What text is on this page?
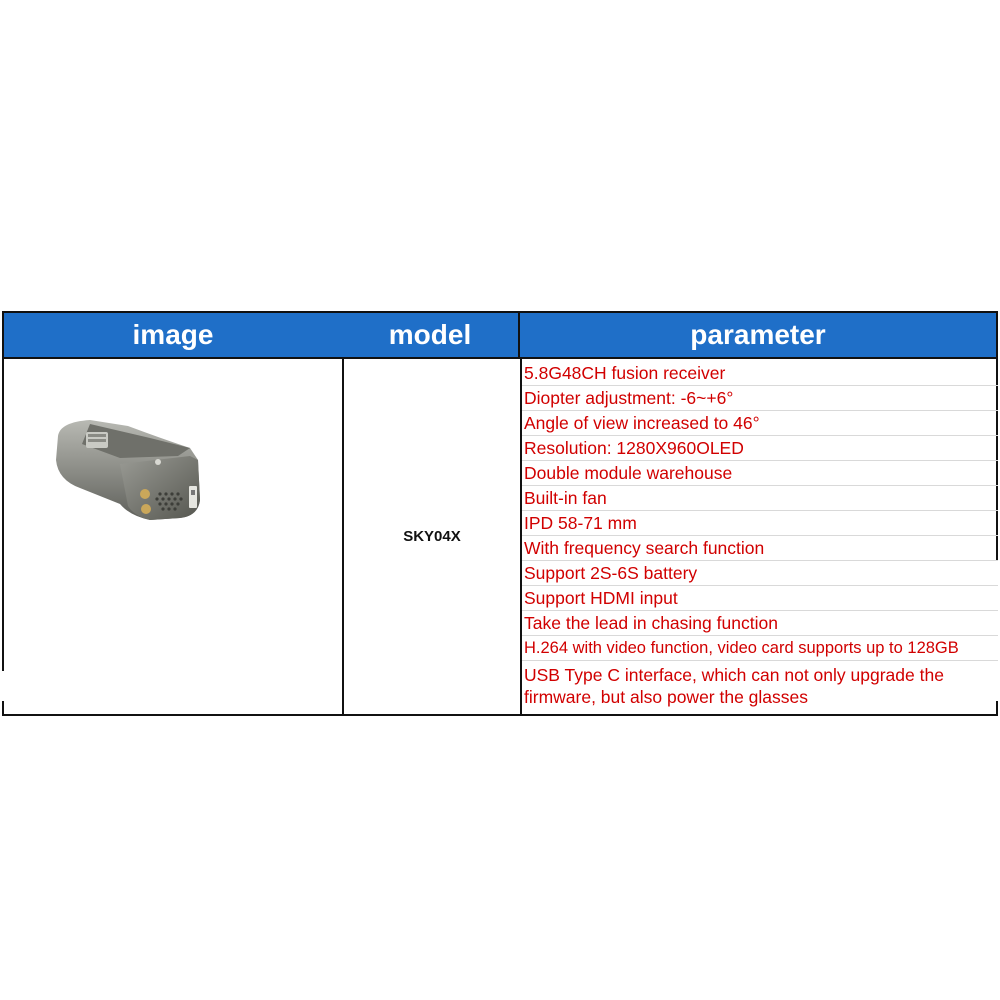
image	model	parameter
SKY04X
5.8G48CH fusion receiver
Diopter adjustment: -6~+6°
Angle of view increased to 46°
Resolution: 1280X960OLED
Double module warehouse
Built-in fan
IPD 58-71 mm
With frequency search function
Support 2S-6S battery
Support HDMI input
Take the lead in chasing function
H.264 with video function, video card supports up to 128GB
USB Type C interface, which can not only upgrade the firmware, but also power the glasses
